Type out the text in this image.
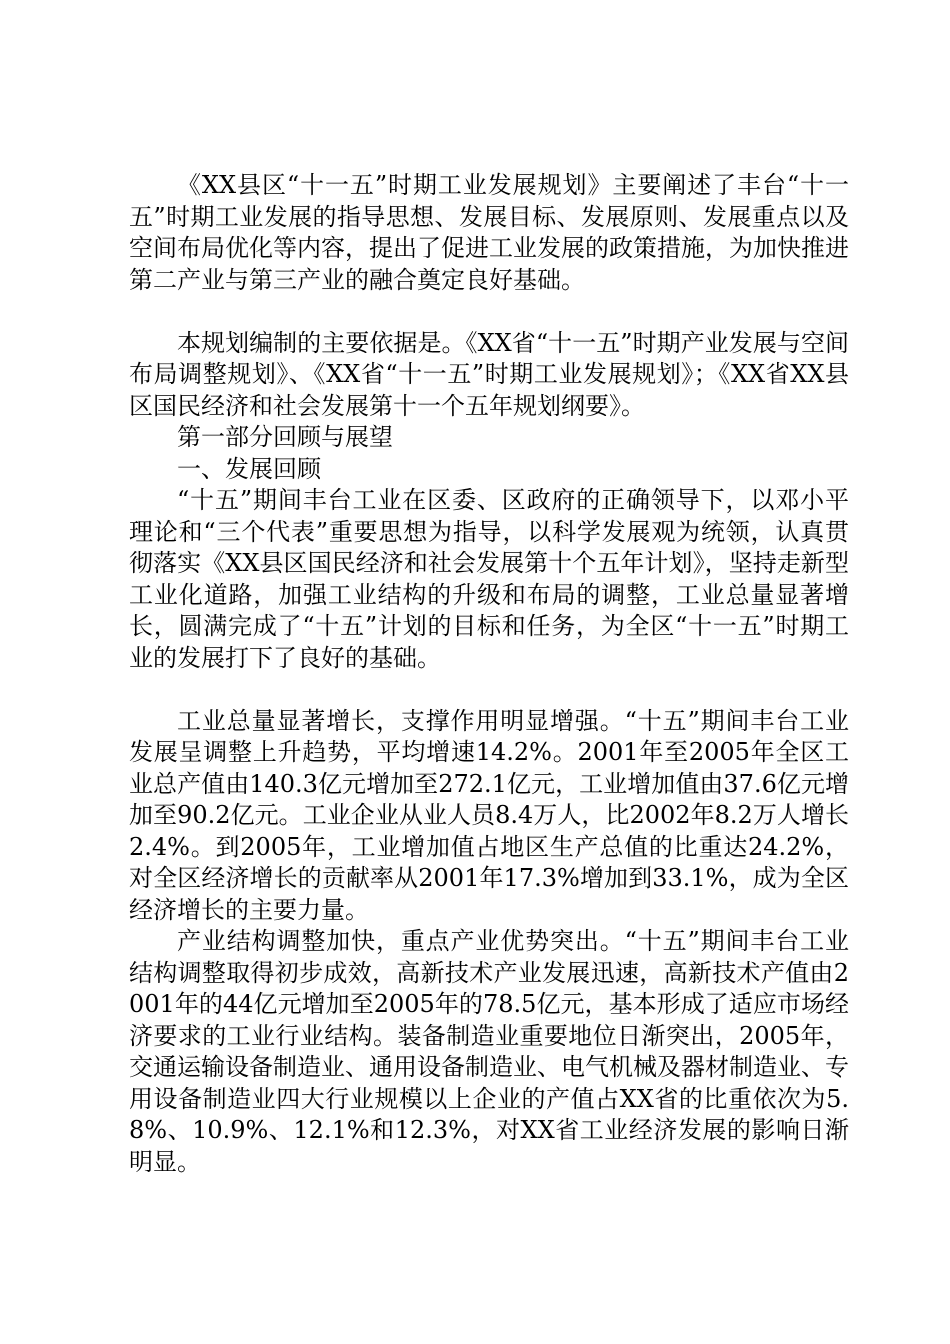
《XX县区“十一五”时期工业发展规划》主要阐述了丰台“十一五”时期工业发展的指导思想、发展目标、发展原则、发展重点以及空间布局优化等内容，提出了促进工业发展的政策措施，为加快推进第二产业与第三产业的融合奠定良好基础。

本规划编制的主要依据是。《XX省“十一五”时期产业发展与空间布局调整规划》、《XX省“十一五”时期工业发展规划》；《XX省XX县区国民经济和社会发展第十一个五年规划纲要》。

第一部分回顾与展望

一、发展回顾

“十五”期间丰台工业在区委、区政府的正确领导下，以邓小平理论和“三个代表”重要思想为指导，以科学发展观为统领，认真贯彻落实《XX县区国民经济和社会发展第十个五年计划》，坚持走新型工业化道路，加强工业结构的升级和布局的调整，工业总量显著增长，圆满完成了“十五”计划的目标和任务，为全区“十一五”时期工业的发展打下了良好的基础。

工业总量显著增长，支撑作用明显增强。“十五”期间丰台工业发展呈调整上升趋势，平均增速14.2%。2001年至2005年全区工业总产值由140.3亿元增加至272.1亿元，工业增加值由37.6亿元增加至90.2亿元。工业企业从业人员8.4万人，比2002年8.2万人增长2.4%。到2005年，工业增加值占地区生产总值的比重达24.2%，对全区经济增长的贡献率从2001年17.3%增加到33.1%，成为全区经济增长的主要力量。

产业结构调整加快，重点产业优势突出。“十五”期间丰台工业结构调整取得初步成效，高新技术产业发展迅速，高新技术产值由2001年的44亿元增加至2005年的78.5亿元，基本形成了适应市场经济要求的工业行业结构。装备制造业重要地位日渐突出，2005年，交通运输设备制造业、通用设备制造业、电气机械及器材制造业、专用设备制造业四大行业规模以上企业的产值占XX省的比重依次为5.8%、10.9%、12.1%和12.3%，对XX省工业经济发展的影响日渐明显。
